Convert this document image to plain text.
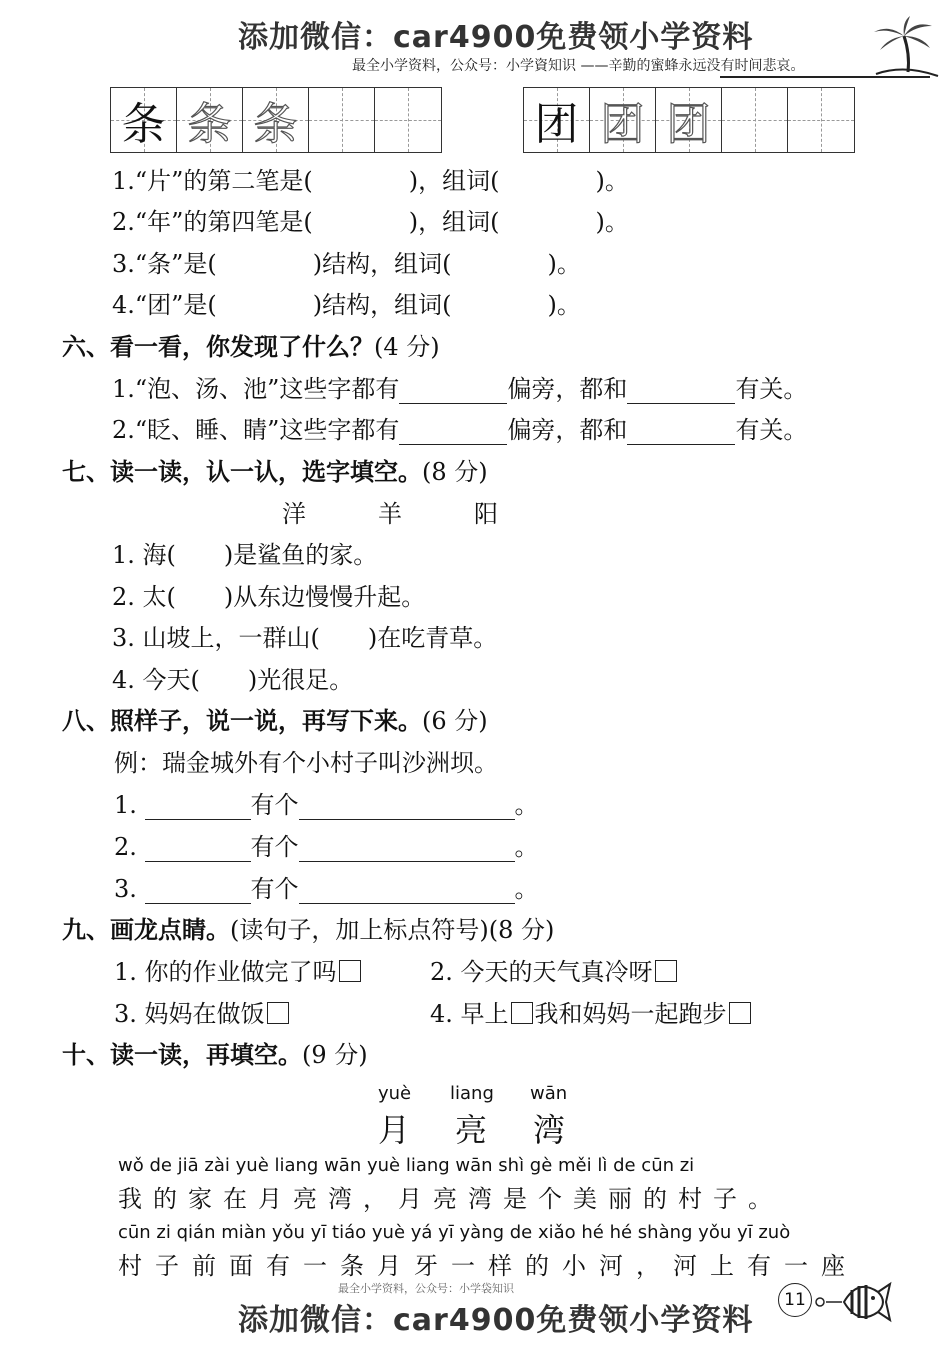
添加微信：car4900免费领小学资料
最全小学资料，公众号：小学資知识 ——辛勤的蜜蜂永远没有时间悲哀。
条 条 条	团 团 团
1.“片”的第二笔是(　　　　)，组词(　　　　)。
2.“年”的第四笔是(　　　　)，组词(　　　　)。
3.“条”是(　　　　)结构，组词(　　　　)。
4.“团”是(　　　　)结构，组词(　　　　)。
六、看一看，你发现了什么？(4 分)
1.“泡、汤、池”这些字都有	偏旁，都和	有关。
2.“眨、睡、睛”这些字都有	偏旁，都和	有关。
七、读一读，认一认，选字填空。(8 分)
洋　　　羊　　　阳
1. 海(　　)是鲨鱼的家。
2. 太(　　)从东边慢慢升起。
3. 山坡上，一群山(　　)在吃青草。
4. 今天(　　)光很足。
八、照样子，说一说，再写下来。(6 分)
例：瑞金城外有个小村子叫沙洲坝。
1.	有个	。
2.	有个	。
3.	有个	。
九、画龙点睛。(读句子，加上标点符号)(8 分)
1. 你的作业做完了吗	2. 今天的天气真冷呀
3. 妈妈在做饭	4. 早上 我和妈妈一起跑步
十、读一读，再填空。(9 分)
yuè liang wān
月 亮 湾
wǒ de jiā zài yuè liang wān yuè liang wān shì gè měi lì de cūn zi
我的家在月亮湾，月亮湾是个美丽的村子。
cūn zi qián miàn yǒu yī tiáo yuè yá yī yàng de xiǎo hé hé shàng yǒu yī zuò
村子前面有一条月牙一样的小河，河上有一座
最全小学资料，公众号：小学袋知识
11
添加微信：car4900免费领小学资料
